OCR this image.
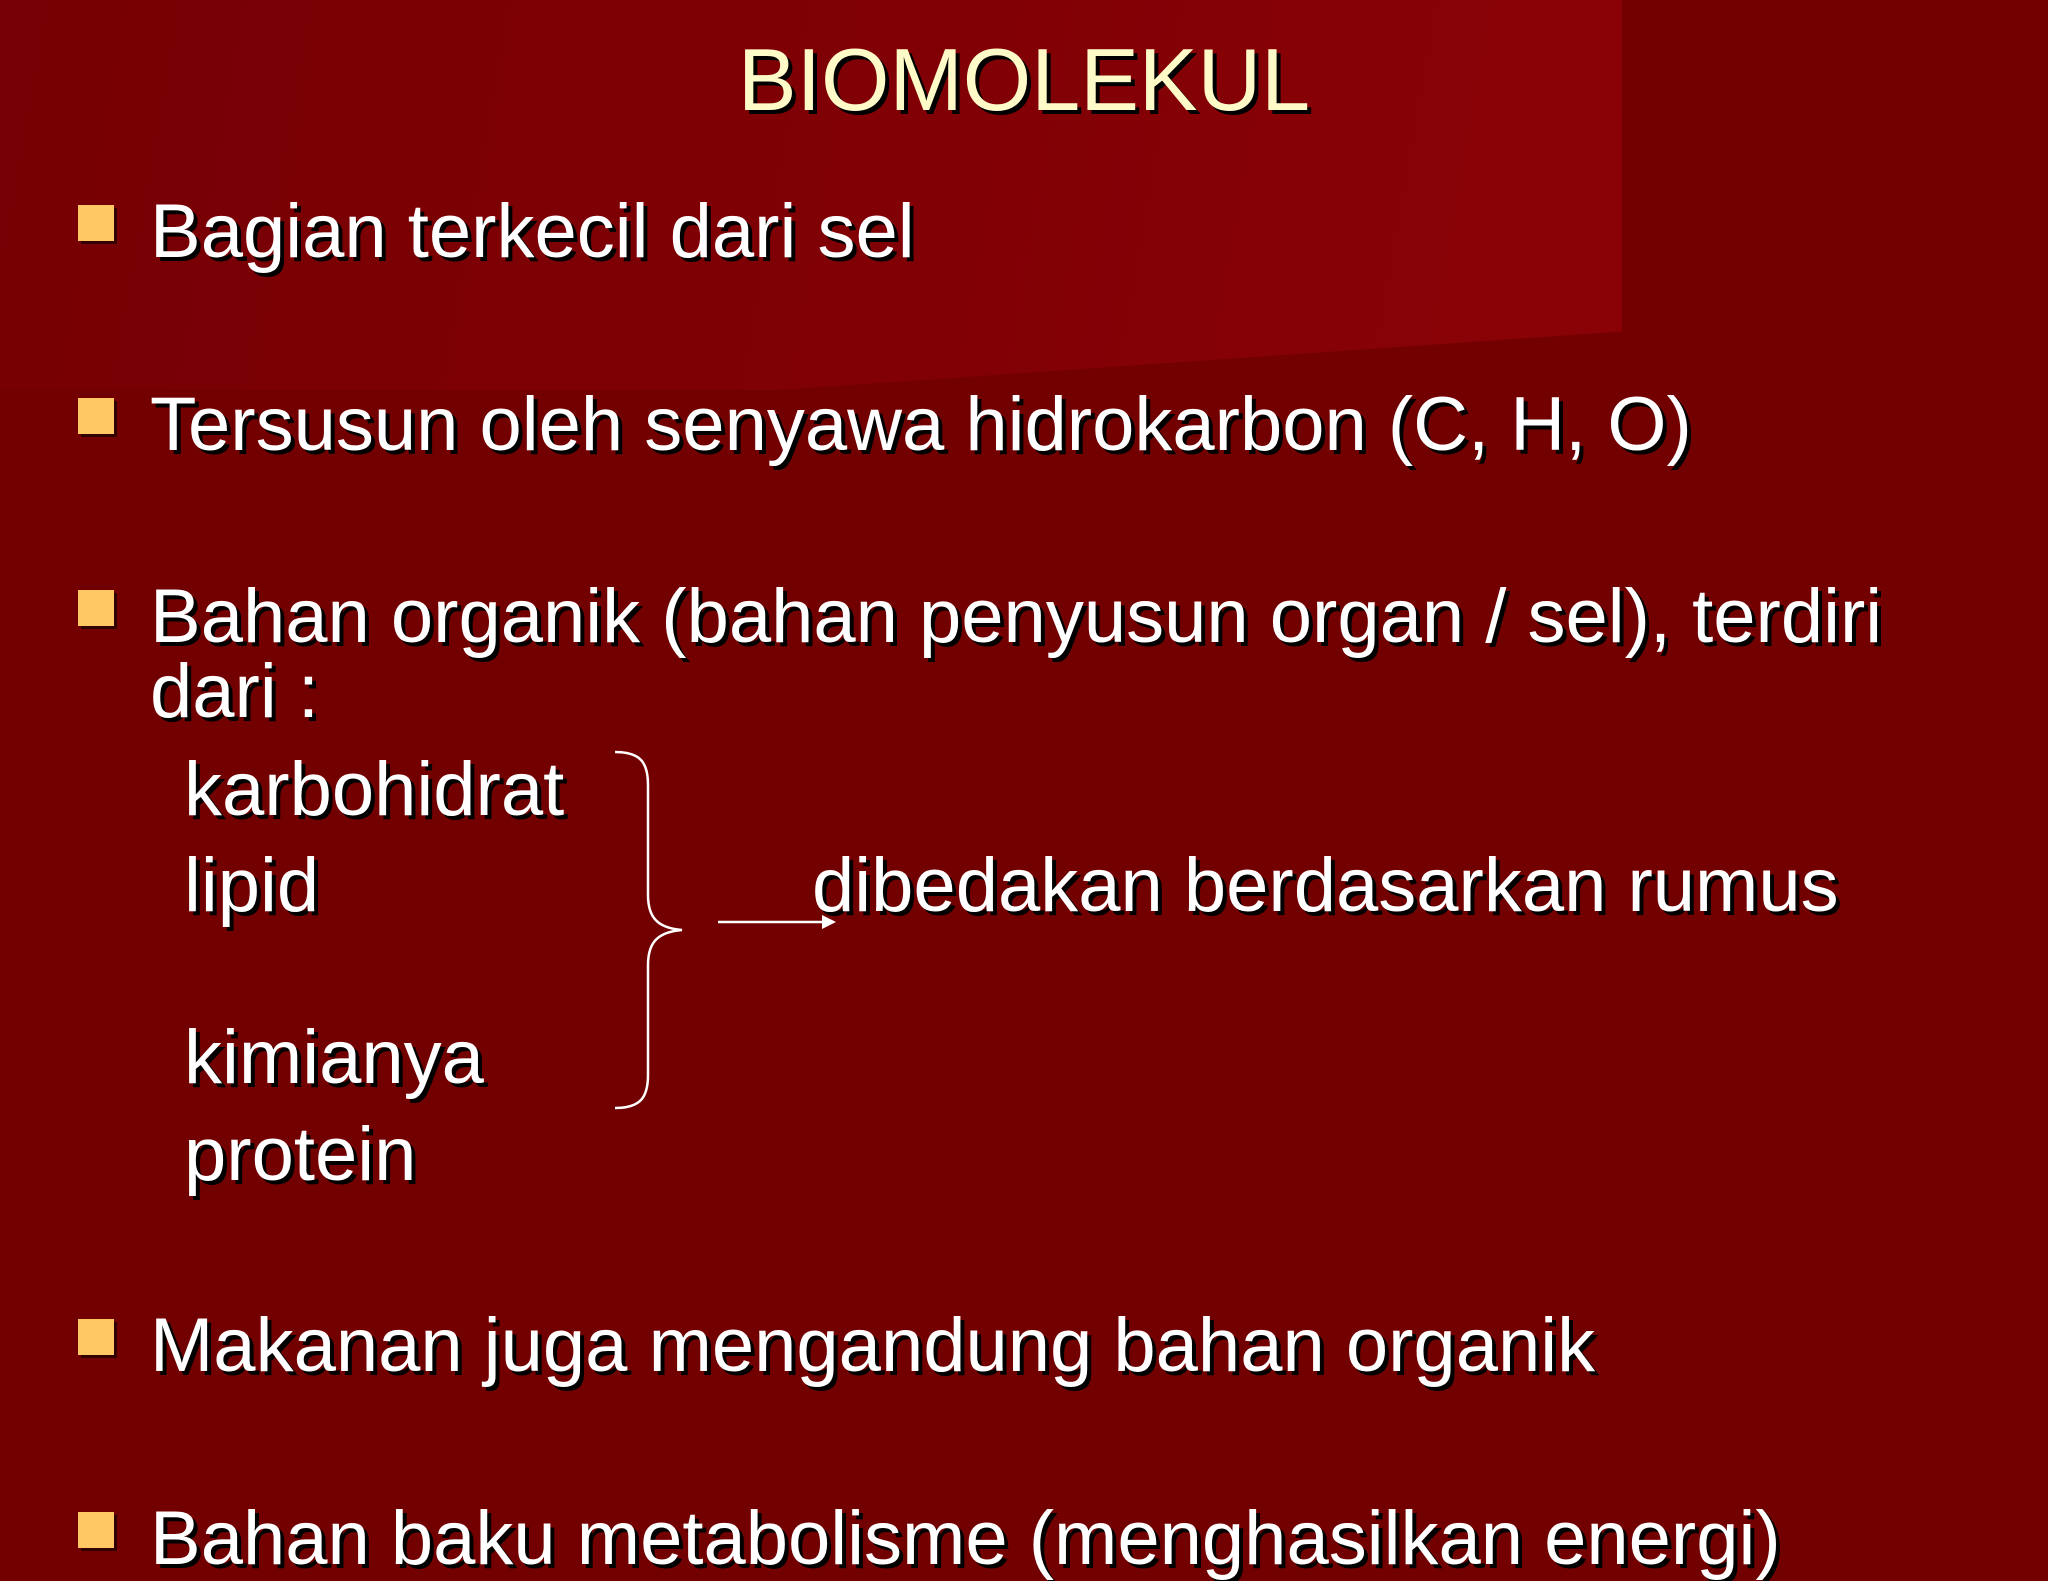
BIOMOLEKUL
Bagian terkecil dari sel
Tersusun oleh senyawa hidrokarbon (C, H, O)
Bahan organik (bahan penyusun organ / sel), terdiri
dari :
karbohidrat
lipid
kimianya
protein
dibedakan berdasarkan rumus
Makanan juga mengandung bahan organik
Bahan baku metabolisme (menghasilkan energi)
